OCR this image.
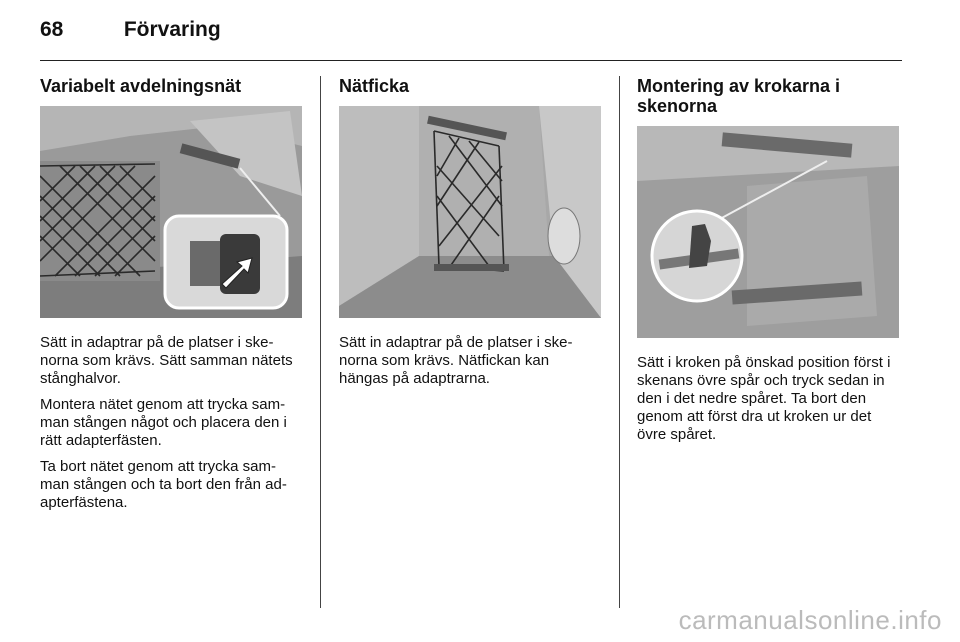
68	Förvaring
Variabelt avdelningsnät

Sätt in adaptrar på de platser i ske-norna som krävs. Sätt samman nätets stånghalvor.

Montera nätet genom att trycka sam-man stången något och placera den i rätt adapterfästen.

Ta bort nätet genom att trycka sam-man stången och ta bort den från ad-apterfästena.

Nätficka

Sätt in adaptrar på de platser i ske-norna som krävs. Nätfickan kan hängas på adaptrarna.

Montering av krokarna i skenorna

Sätt i kroken på önskad position först i skenans övre spår och tryck sedan in den i det nedre spåret. Ta bort den genom att först dra ut kroken ur det övre spåret.

carmanualsonline.info
